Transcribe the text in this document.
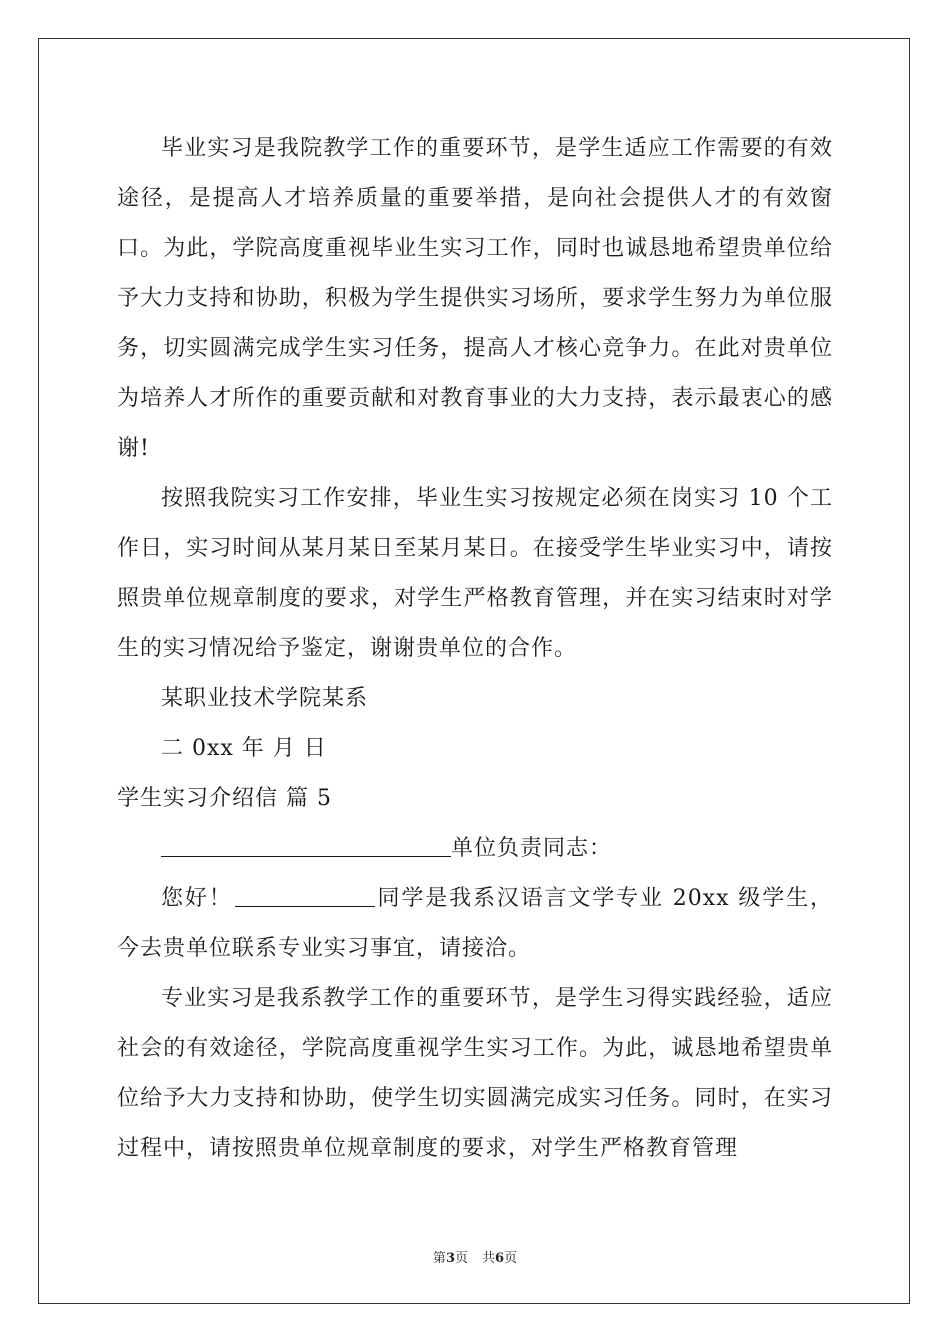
毕业实习是我院教学工作的重要环节，是学生适应工作需要的有效途径，是提高人才培养质量的重要举措，是向社会提供人才的有效窗口。为此，学院高度重视毕业生实习工作，同时也诚恳地希望贵单位给予大力支持和协助，积极为学生提供实习场所，要求学生努力为单位服务，切实圆满完成学生实习任务，提高人才核心竞争力。在此对贵单位为培养人才所作的重要贡献和对教育事业的大力支持，表示最衷心的感谢!

按照我院实习工作安排，毕业生实习按规定必须在岗实习 10 个工作日，实习时间从某月某日至某月某日。在接受学生毕业实习中，请按照贵单位规章制度的要求，对学生严格教育管理，并在实习结束时对学生的实习情况给予鉴定，谢谢贵单位的合作。

某职业技术学院某系

二 0xx 年 月 日

学生实习介绍信 篇 5

单位负责同志：

您好！	同学是我系汉语言文学专业 20xx 级学生，今去贵单位联系专业实习事宜，请接洽。

专业实习是我系教学工作的重要环节，是学生习得实践经验，适应社会的有效途径，学院高度重视学生实习工作。为此，诚恳地希望贵单位给予大力支持和协助，使学生切实圆满完成实习任务。同时，在实习过程中，请按照贵单位规章制度的要求，对学生严格教育管理

第3页 共6页
